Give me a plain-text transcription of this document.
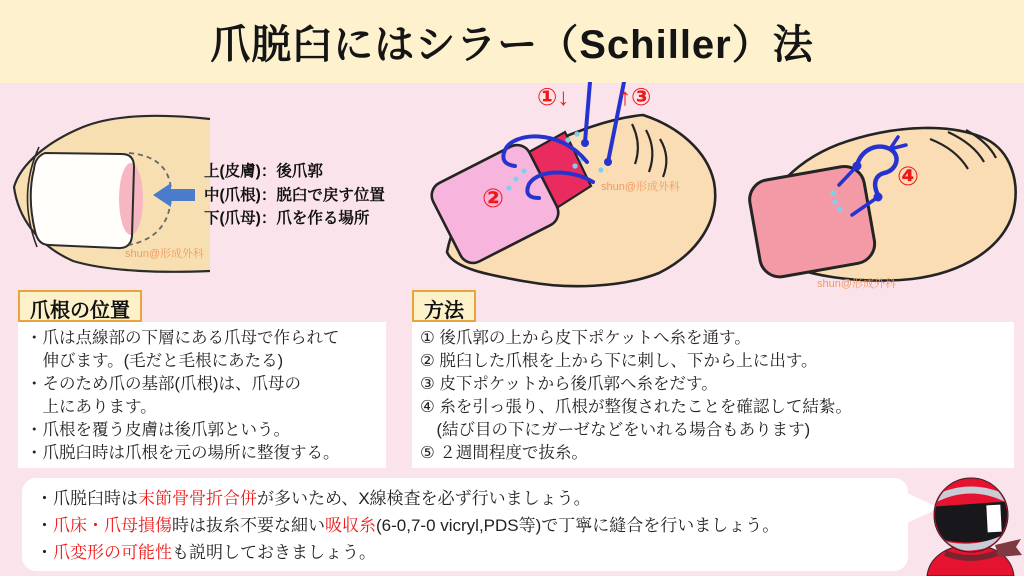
爪脱臼にはシラー（Schiller）法
shun@形成外科
上(皮膚)：後爪郭
中(爪根)：脱臼で戻す位置
下(爪母)：爪を作る場所
shun@形成外科
①↓ ↑③
②
shun@形成外科
④
爪根の位置
・爪は点線部の下層にある爪母で作られて
　伸びます。(毛だと毛根にあたる)
・そのため爪の基部(爪根)は、爪母の
　上にあります。
・爪根を覆う皮膚は後爪郭という。
・爪脱臼時は爪根を元の場所に整復する。
方法
① 後爪郭の上から皮下ポケットへ糸を通す。
② 脱臼した爪根を上から下に刺し、下から上に出す。
③ 皮下ポケットから後爪郭へ糸をだす。
④ 糸を引っ張り、爪根が整復されたことを確認して結紮。
　(結び目の下にガーゼなどをいれる場合もあります)
⑤ ２週間程度で抜糸。
・爪脱臼時は末節骨骨折合併が多いため、X線検査を必ず行いましょう。
・爪床・爪母損傷時は抜糸不要な細い吸収糸(6-0,7-0 vicryl,PDS等)で丁寧に縫合を行いましょう。
・爪変形の可能性も説明しておきましょう。
